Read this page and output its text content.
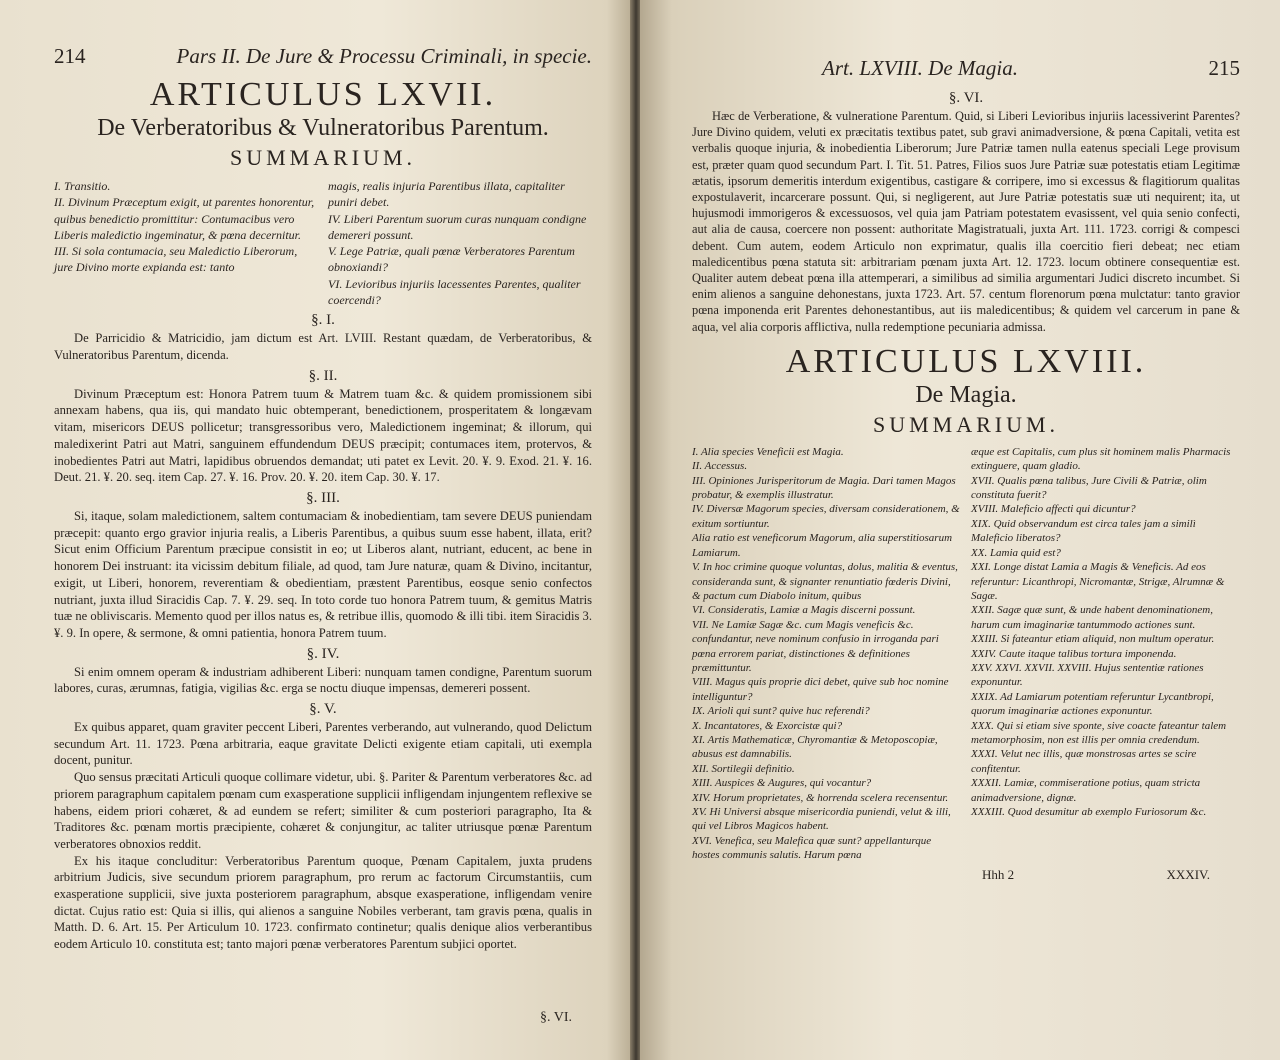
214	Pars II. De Jure & Processu Criminali, in specie.
ARTICULUS LXVII.
De Verberatoribus & Vulneratoribus Parentum.
SUMMARIUM.

I. Transitio.

II. Divinum Præceptum exigit, ut parentes honorentur, quibus benedictio promittitur: Contumacibus vero Liberis maledictio ingeminatur, & pœna decernitur.

III. Si sola contumacia, seu Maledictio Liberorum, jure Divino morte expianda est: tanto

magis, realis injuria Parentibus illata, capitaliter puniri debet.

IV. Liberi Parentum suorum curas nunquam condigne demereri possunt.

V. Lege Patriæ, quali pœnæ Verberatores Parentum obnoxiandi?

VI. Levioribus injuriis lacessentes Parentes, qualiter coercendi?

§. I.

De Parricidio & Matricidio, jam dictum est Art. LVIII. Restant quædam, de Verberatoribus, & Vulneratoribus Parentum, dicenda.

§. II.

Divinum Præceptum est: Honora Patrem tuum & Matrem tuam &c. & quidem promissionem sibi annexam habens, qua iis, qui mandato huic obtemperant, benedictionem, prosperitatem & longævam vitam, misericors DEUS pollicetur; transgressoribus vero, Maledictionem ingeminat; & illorum, qui maledixerint Patri aut Matri, sanguinem effundendum DEUS præcipit; contumaces item, protervos, & inobedientes Patri aut Matri, lapidibus obruendos demandat; uti patet ex Levit. 20. ¥. 9. Exod. 21. ¥. 16. Deut. 21. ¥. 20. seq. item Cap. 27. ¥. 16. Prov. 20. ¥. 20. item Cap. 30. ¥. 17.

§. III.

Si, itaque, solam maledictionem, saltem contumaciam & inobedientiam, tam severe DEUS puniendam præcepit: quanto ergo gravior injuria realis, a Liberis Parentibus, a quibus suum esse habent, illata, erit? Sicut enim Officium Parentum præcipue consistit in eo; ut Liberos alant, nutriant, educent, ac bene in honorem Dei instruant: ita vicissim debitum filiale, ad quod, tam Jure naturæ, quam & Divino, incitantur, exigit, ut Liberi, honorem, reverentiam & obedientiam, præstent Parentibus, eosque senio confectos nutriant, juxta illud Siracidis Cap. 7. ¥. 29. seq. In toto corde tuo honora Patrem tuum, & gemitus Matris tuæ ne obliviscaris. Memento quod per illos natus es, & retribue illis, quomodo & illi tibi. item Siracidis 3. ¥. 9. In opere, & sermone, & omni patientia, honora Patrem tuum.

§. IV.

Si enim omnem operam & industriam adhiberent Liberi: nunquam tamen condigne, Parentum suorum labores, curas, ærumnas, fatigia, vigilias &c. erga se noctu diuque impensas, demereri possent.

§. V.

Ex quibus apparet, quam graviter peccent Liberi, Parentes verberando, aut vulnerando, quod Delictum secundum Art. 11. 1723. Pœna arbitraria, eaque gravitate Delicti exigente etiam capitali, uti exempla docent, punitur.

Quo sensus præcitati Articuli quoque collimare videtur, ubi. §. Pariter & Parentum verberatores &c. ad priorem paragraphum capitalem pœnam cum exasperatione supplicii infligendam injungentem reflexive se habens, eidem priori cohæret, & ad eundem se refert; similiter & cum posteriori paragrapho, Ita & Traditores &c. pœnam mortis præcipiente, cohæret & conjungitur, ac taliter utriusque pœnæ Parentum verberatores obnoxios reddit.

Ex his itaque concluditur: Verberatoribus Parentum quoque, Pœnam Capitalem, juxta prudens arbitrium Judicis, sive secundum priorem paragraphum, pro rerum ac factorum Circumstantiis, cum exasperatione supplicii, sive juxta posteriorem paragraphum, absque exasperatione, infligendam venire dictat. Cujus ratio est: Quia si illis, qui alienos a sanguine Nobiles verberant, tam gravis pœna, qualis in Matth. D. 6. Art. 15. Per Articulum 10. 1723. confirmato continetur; qualis denique alios verberantibus eodem Articulo 10. constituta est; tanto majori pœnæ verberatores Parentum subjici oportet.

§. VI.
Art. LXVIII. De Magia.	215
§. VI.

Hæc de Verberatione, & vulneratione Parentum. Quid, si Liberi Levioribus injuriis lacessiverint Parentes? Jure Divino quidem, veluti ex præcitatis textibus patet, sub gravi animadversione, & pœna Capitali, vetita est verbalis quoque injuria, & inobedientia Liberorum; Jure Patriæ tamen nulla eatenus speciali Lege provisum est, præter quam quod secundum Part. I. Tit. 51. Patres, Filios suos Jure Patriæ suæ potestatis etiam Legitimæ ætatis, ipsorum demeritis interdum exigentibus, castigare & corripere, imo si excessus & flagitiorum qualitas expostulaverit, incarcerare possunt. Qui, si negligerent, aut Jure Patriæ potestatis suæ uti nequirent; ita, ut hujusmodi immorigeros & excessuosos, vel quia jam Patriam potestatem evasissent, vel quia senio confecti, aut alia de causa, coercere non possent: authoritate Magistratuali, juxta Art. 111. 1723. corrigi & compesci debent. Cum autem, eodem Articulo non exprimatur, qualis illa coercitio fieri debeat; nec etiam maledicentibus pœna statuta sit: arbitrariam pœnam juxta Art. 12. 1723. locum obtinere consequentiæ est. Qualiter autem debeat pœna illa attemperari, a similibus ad similia argumentari Judici discreto incumbet. Si enim alienos a sanguine dehonestans, juxta 1723. Art. 57. centum florenorum pœna mulctatur: tanto gravior pœna imponenda erit Parentes dehonestantibus, aut iis maledicentibus; & quidem vel carcerum in pane & aqua, vel alia corporis afflictiva, nulla redemptione pecuniaria admissa.

ARTICULUS LXVIII.
De Magia.
SUMMARIUM.

I. Alia species Veneficii est Magia.

II. Accessus.

III. Opiniones Jurisperitorum de Magia. Dari tamen Magos probatur, & exemplis illustratur.

IV. Diversæ Magorum species, diversam considerationem, & exitum sortiuntur.

Alia ratio est veneficorum Magorum, alia superstitiosarum Lamiarum.

V. In hoc crimine quoque voluntas, dolus, malitia & eventus, consideranda sunt, & signanter renuntiatio fœderis Divini, & pactum cum Diabolo initum, quibus

VI. Consideratis, Lamiæ a Magis discerni possunt.

VII. Ne Lamiæ Sagæ &c. cum Magis veneficis &c. confundantur, neve nominum confusio in irroganda pari pœna errorem pariat, distinctiones & definitiones præmittuntur.

VIII. Magus quis proprie dici debet, quive sub hoc nomine intelliguntur?

IX. Arioli qui sunt? quive huc referendi?

X. Incantatores, & Exorcistæ qui?

XI. Artis Mathematicæ, Chyromantiæ & Metoposcopiæ, abusus est damnabilis.

XII. Sortilegii definitio.

XIII. Auspices & Augures, qui vocantur?

XIV. Horum proprietates, & horrenda scelera recensentur.

XV. Hi Universi absque misericordia puniendi, velut & illi, qui vel Libros Magicos habent.

XVI. Venefica, seu Malefica quæ sunt? appellanturque hostes communis salutis. Harum pœna

æque est Capitalis, cum plus sit hominem malis Pharmacis extinguere, quam gladio.

XVII. Qualis pœna talibus, Jure Civili & Patriæ, olim constituta fuerit?

XVIII. Maleficio affecti qui dicuntur?

XIX. Quid observandum est circa tales jam a similì Maleficio liberatos?

XX. Lamia quid est?

XXI. Longe distat Lamia a Magis & Veneficis. Ad eos referuntur: Licanthropi, Nicromantæ, Strigæ, Alrumnæ & Sagæ.

XXII. Sagæ quæ sunt, & unde habent denominationem, harum cum imaginariæ tantummodo actiones sunt.

XXIII. Si fateantur etiam aliquid, non multum operatur.

XXIV. Caute itaque talibus tortura imponenda.

XXV. XXVI. XXVII. XXVIII. Hujus sententiæ rationes exponuntur.

XXIX. Ad Lamiarum potentiam referuntur Lycantbropi, quorum imaginariæ actiones exponuntur.

XXX. Qui si etiam sive sponte, sive coacte fateantur talem metamorphosim, non est illis per omnia credendum.

XXXI. Velut nec illis, quæ monstrosas artes se scire confitentur.

XXXII. Lamiæ, commiseratione potius, quam stricta animadversione, dignæ.

XXXIII. Quod desumitur ab exemplo Furiosorum &c.

Hhh 2	XXXIV.
